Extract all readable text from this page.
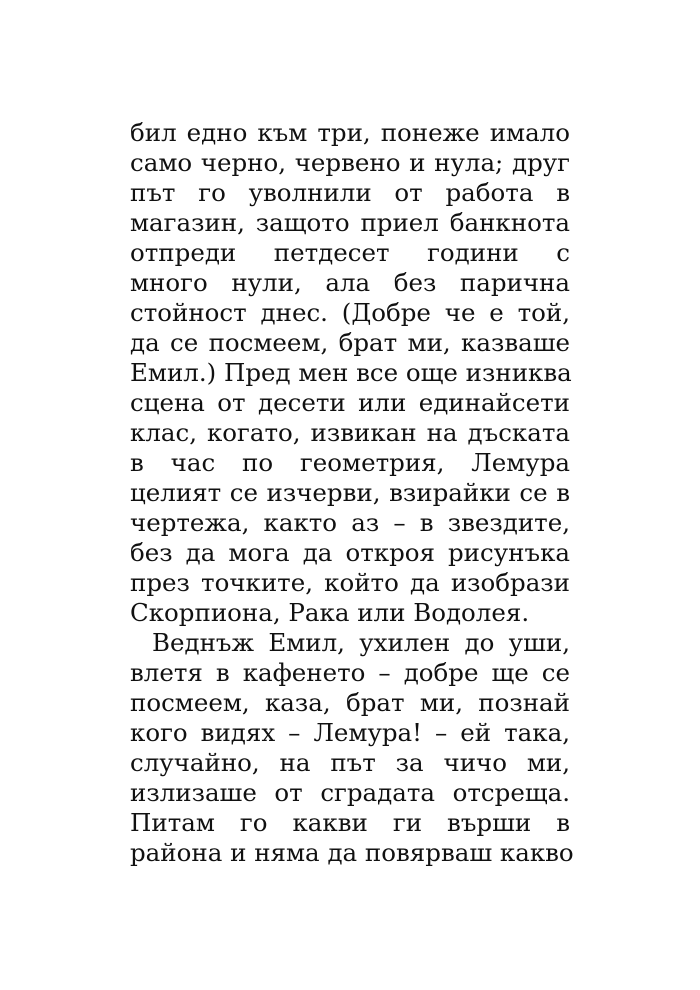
бил едно към три, понеже имало
само черно, червено и нула; друг
път го уволнили от работа в
магазин, защото приел банкнота
отпреди петдесет години с
много нули, ала без парична
стойност днес. (Добре че е той,
да се посмеем, брат ми, казваше
Емил.) Пред мен все още изниква
сцена от десети или единайсети
клас, когато, извикан на дъската
в час по геометрия, Лемура
целият се изчерви, взирайки се в
чертежа, както аз – в звездите,
без да мога да открoя рисунъка
през точките, който да изобрази
Скорпиона, Рака или Водолея.
Веднъж Емил, ухилен до уши,
влетя в кафенето – добре ще се
посмеем, каза, брат ми, познай
кого видях – Лемура! – ей така,
случайно, на път за чичо ми,
излизаше от сградата отсреща.
Питам го какви ги върши в
района и няма да повярваш какво
